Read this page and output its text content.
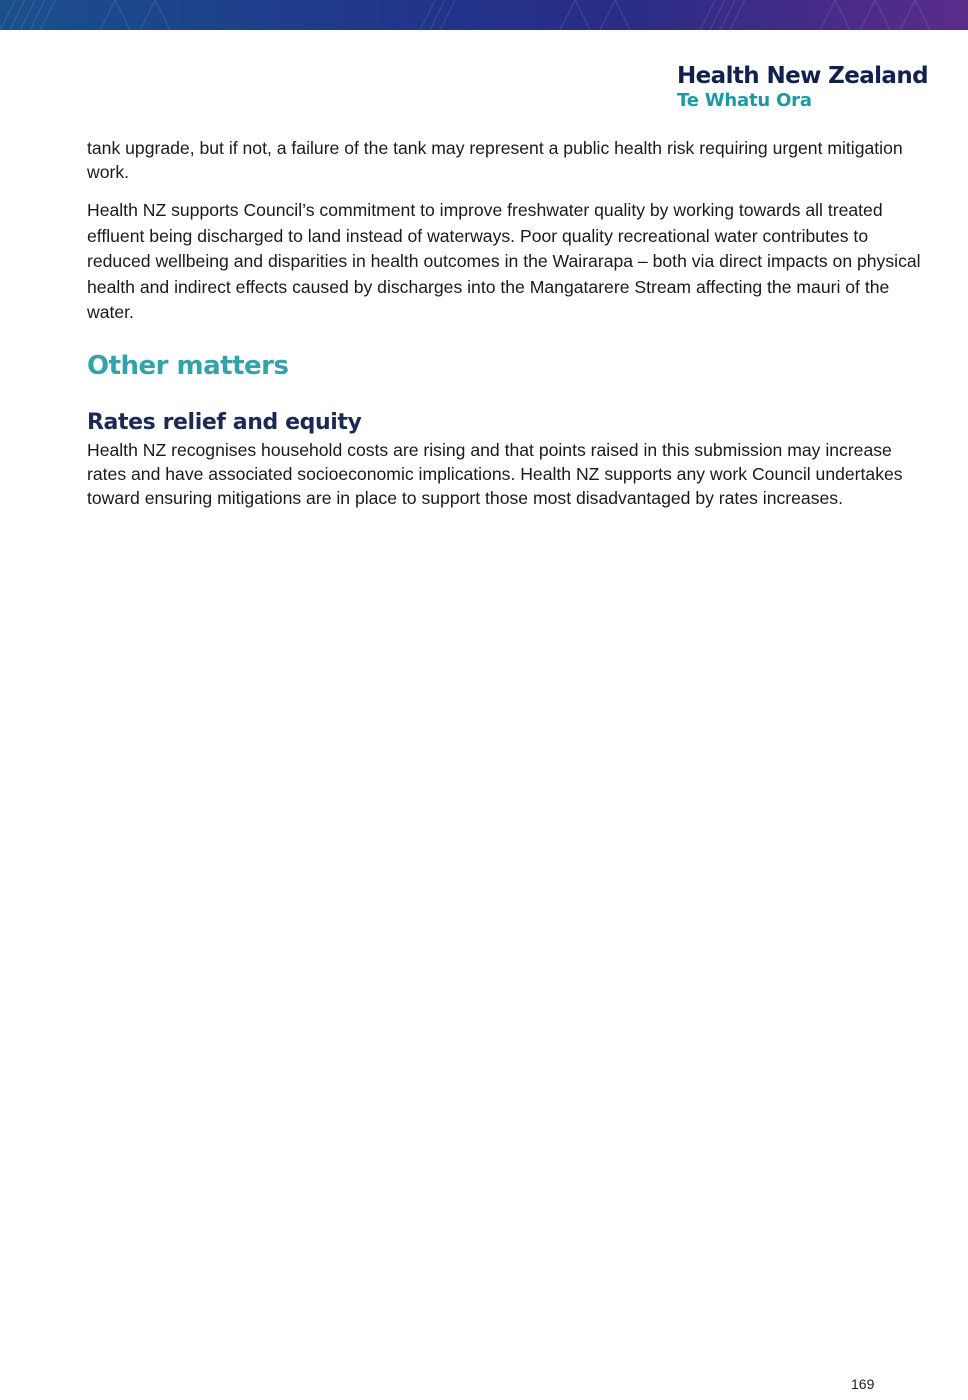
Health New Zealand
Te Whatu Ora

tank upgrade, but if not, a failure of the tank may represent a public health risk requiring urgent mitigation work.

Health NZ supports Council’s commitment to improve freshwater quality by working towards all treated effluent being discharged to land instead of waterways. Poor quality recreational water contributes to reduced wellbeing and disparities in health outcomes in the Wairarapa – both via direct impacts on physical health and indirect effects caused by discharges into the Mangatarere Stream affecting the mauri of the water.

Other matters
Rates relief and equity

Health NZ recognises household costs are rising and that points raised in this submission may increase rates and have associated socioeconomic implications. Health NZ supports any work Council undertakes toward ensuring mitigations are in place to support those most disadvantaged by rates increases.

169
